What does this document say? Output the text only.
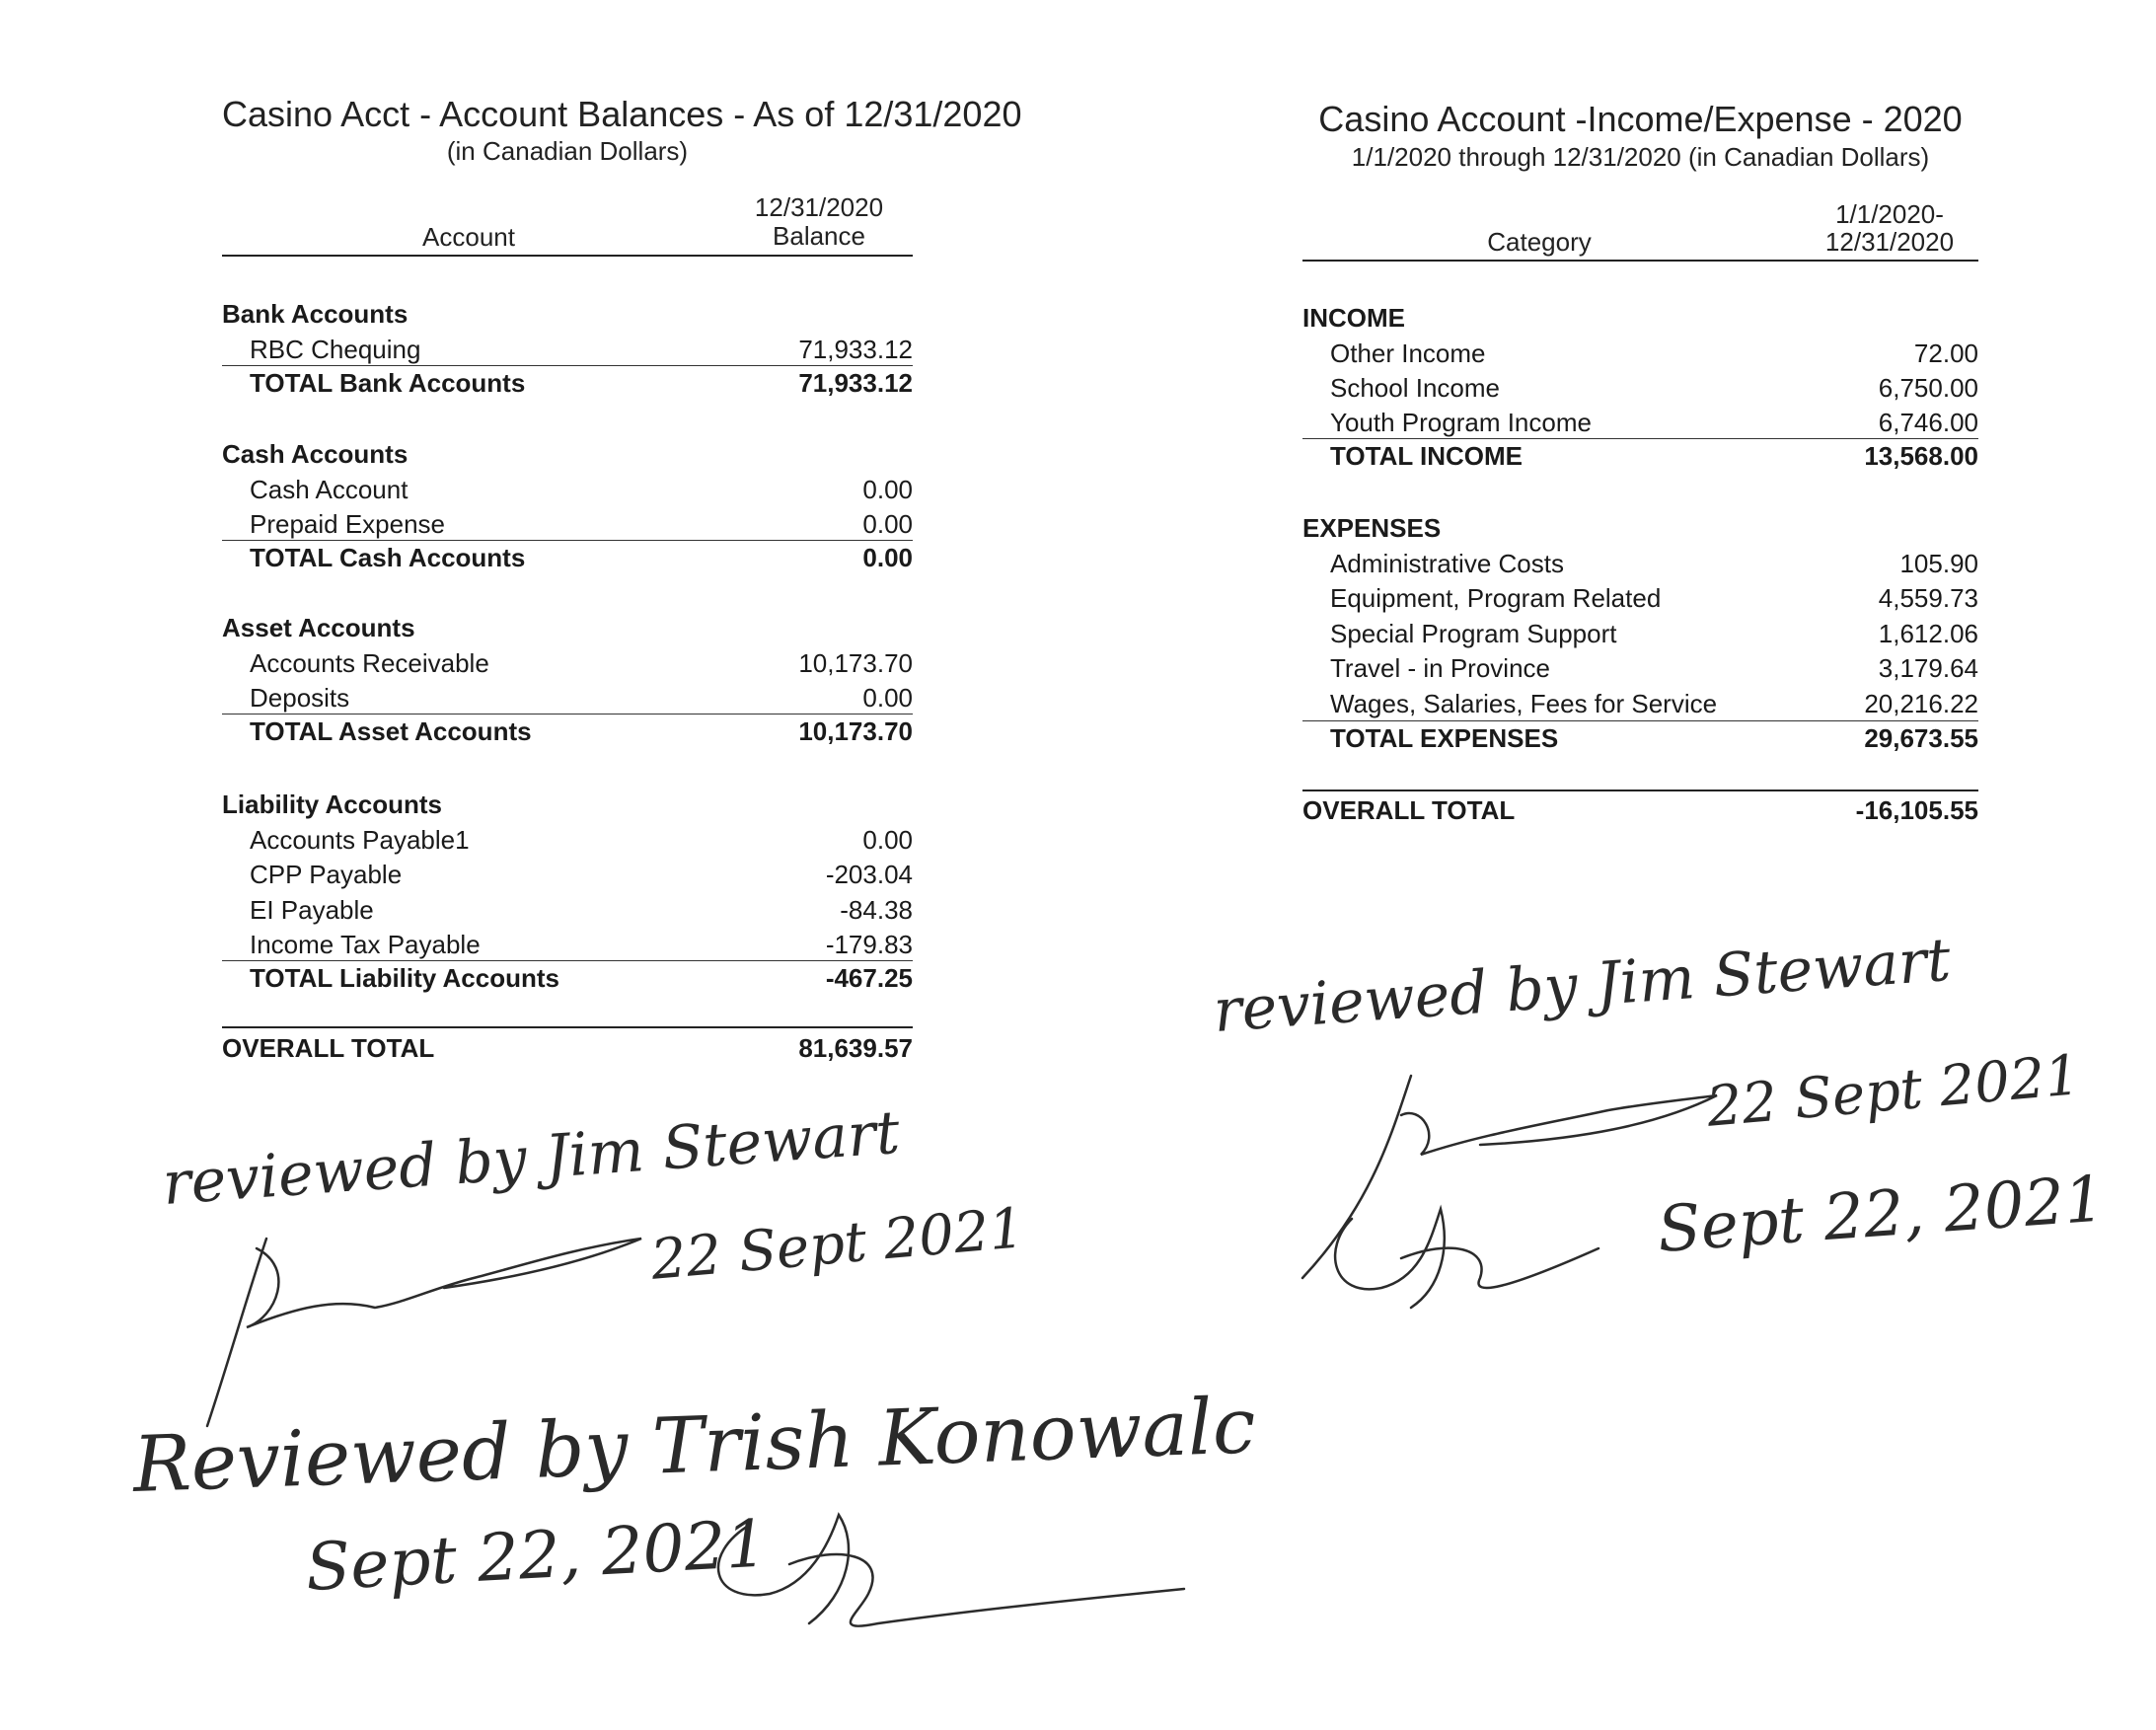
Casino Acct - Account Balances - As of 12/31/2020
(in Canadian Dollars)
Account
12/31/2020
Balance
Bank Accounts
RBC Chequing	71,933.12
TOTAL Bank Accounts	71,933.12
Cash Accounts
Cash Account	0.00
Prepaid Expense	0.00
TOTAL Cash Accounts	0.00
Asset Accounts
Accounts Receivable	10,173.70
Deposits	0.00
TOTAL Asset Accounts	10,173.70
Liability Accounts
Accounts Payable1	0.00
CPP Payable	-203.04
EI Payable	-84.38
Income Tax Payable	-179.83
TOTAL Liability Accounts	-467.25
OVERALL TOTAL	81,639.57
Casino Account -Income/Expense - 2020
1/1/2020 through 12/31/2020 (in Canadian Dollars)
Category
1/1/2020-
12/31/2020
INCOME
Other Income	72.00
School Income	6,750.00
Youth Program Income	6,746.00
TOTAL INCOME	13,568.00
EXPENSES
Administrative Costs	105.90
Equipment, Program Related	4,559.73
Special Program Support	1,612.06
Travel - in Province	3,179.64
Wages, Salaries, Fees for Service	20,216.22
TOTAL EXPENSES	29,673.55
OVERALL TOTAL	-16,105.55
reviewed by Jim Stewart
22 Sept 2021
Reviewed by Trish Konowalc
Sept 22, 2021
reviewed by Jim Stewart
22 Sept 2021
Sept 22, 2021
